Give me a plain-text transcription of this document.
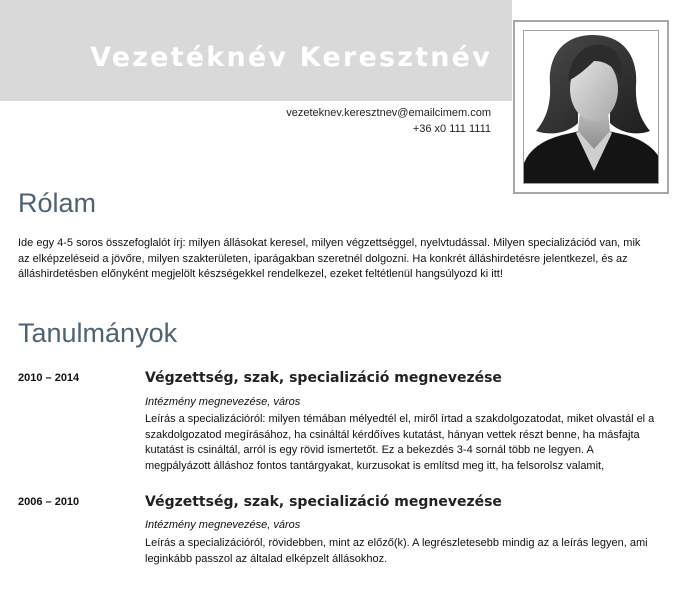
Vezetéknév Keresztnév
vezeteknev.keresztnev@emailcimem.com
+36 x0 111 1111
Rólam
Ide egy 4-5 soros összefoglalót írj: milyen állásokat keresel, milyen végzettséggel, nyelvtudással. Milyen specializációd van, mik az elképzeléseid a jövőre, milyen szakterületen, iparágakban szeretnél dolgozni. Ha konkrét álláshirdetésre jelentkezel, és az álláshirdetésben előnyként megjelölt készségekkel rendelkezel, ezeket feltétlenül hangsúlyozd ki itt!
Tanulmányok
2010 – 2014	Végzettség, szak, specializáció megnevezése
Intézmény megnevezése, város
Leírás a specializációról: milyen témában mélyedtél el, miről írtad a szakdolgozatodat, miket olvastál el a szakdolgozatod megírásához, ha csináltál kérdőíves kutatást, hányan vettek részt benne, ha másfajta kutatást is csináltál, arról is egy rövid ismertetőt. Ez a bekezdés 3-4 sornál több ne legyen. A megpályázott álláshoz fontos tantárgyakat, kurzusokat is említsd meg itt, ha felsorolsz valamit,
2006 – 2010	Végzettség, szak, specializáció megnevezése
Intézmény megnevezése, város
Leírás a specializációról, rövidebben, mint az előző(k). A legrészletesebb mindig az a leírás legyen, ami leginkább passzol az általad elképzelt állásokhoz.
